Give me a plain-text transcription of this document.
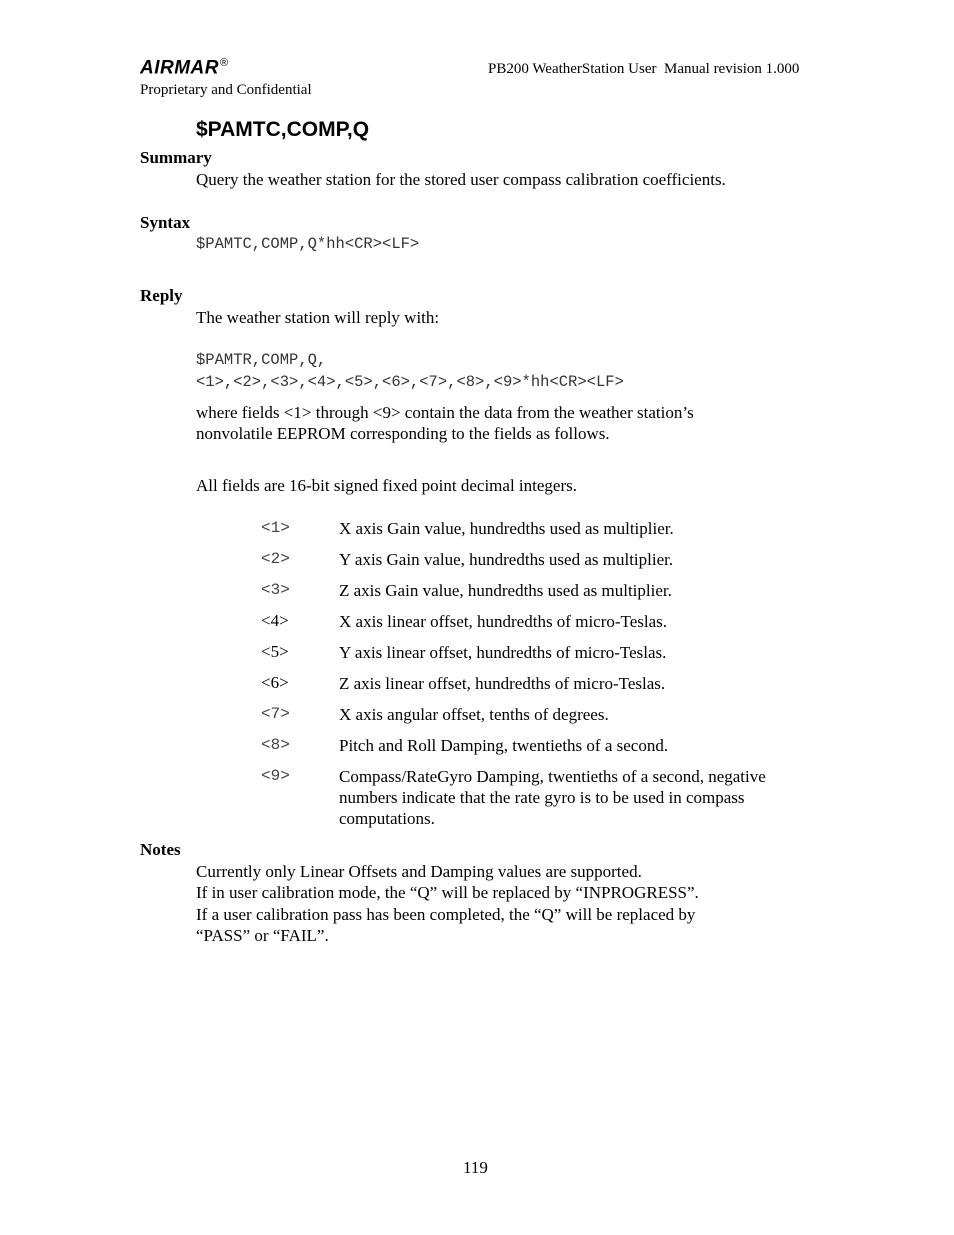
AIRMAR®	PB200 WeatherStation User  Manual revision 1.000
Proprietary and Confidential
$PAMTC,COMP,Q
Summary
Query the weather station for the stored user compass calibration coefficients.
Syntax
$PAMTC,COMP,Q*hh<CR><LF>
Reply
The weather station will reply with:
$PAMTR,COMP,Q,
<1>,<2>,<3>,<4>,<5>,<6>,<7>,<8>,<9>*hh<CR><LF>
where fields <1> through <9> contain the data from the weather station’s
nonvolatile EEPROM corresponding to the fields as follows.
All fields are 16-bit signed fixed point decimal integers.
<1>	X axis Gain value, hundredths used as multiplier.
<2>	Y axis Gain value, hundredths used as multiplier.
<3>	Z axis Gain value, hundredths used as multiplier.
<4>	X axis linear offset, hundredths of micro-Teslas.
<5>	Y axis linear offset, hundredths of micro-Teslas.
<6>	Z axis linear offset, hundredths of micro-Teslas.
<7>	X axis angular offset, tenths of degrees.
<8>	Pitch and Roll Damping, twentieths of a second.
<9>	Compass/RateGyro Damping, twentieths of a second, negative
numbers indicate that the rate gyro is to be used in compass
computations.
Notes
Currently only Linear Offsets and Damping values are supported.
If in user calibration mode, the “Q” will be replaced by “INPROGRESS”.
If a user calibration pass has been completed, the “Q” will be replaced by
“PASS” or “FAIL”.
119
